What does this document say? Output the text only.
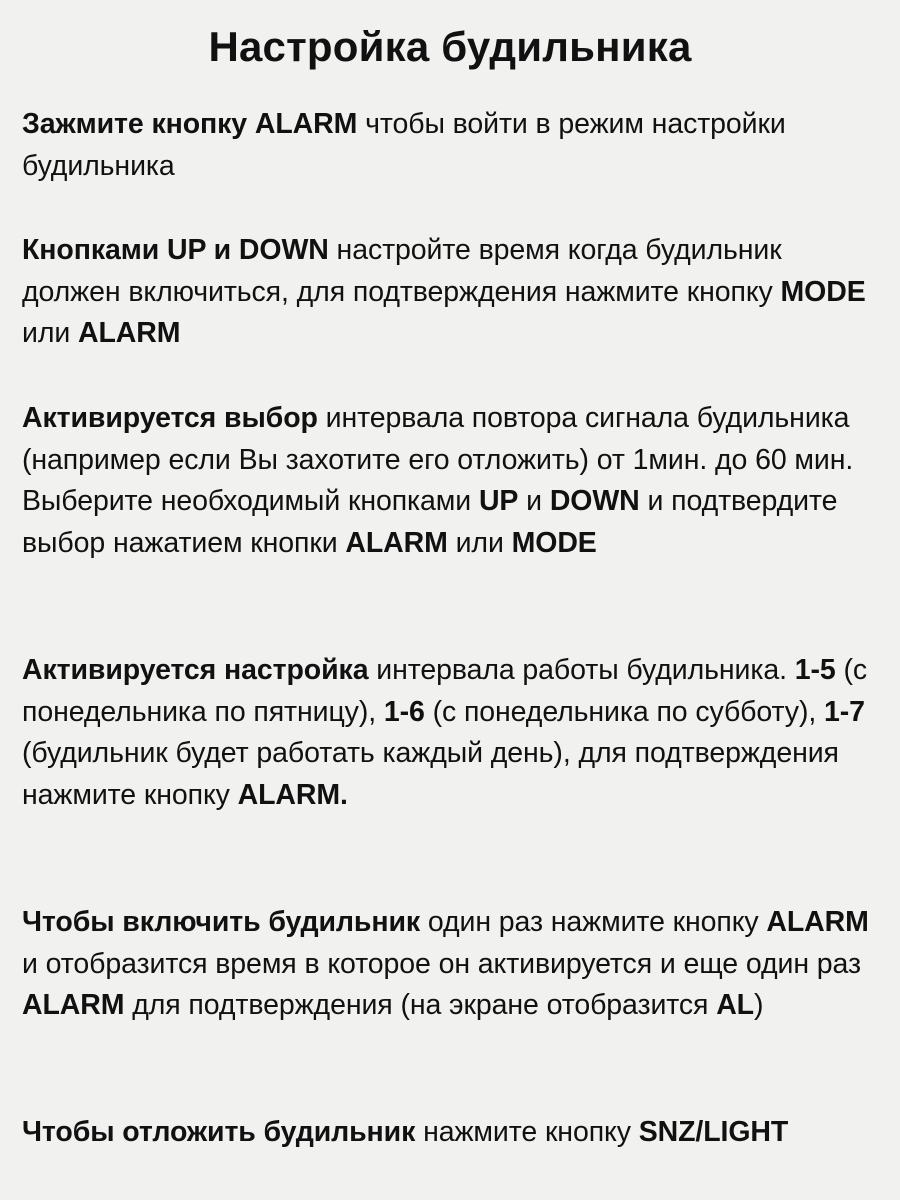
Настройка будильника

Зажмите кнопку ALARM чтобы войти в режим настройки будильника

Кнопками UP и DOWN настройте время когда будильник должен включиться, для подтверждения нажмите кнопку MODE или ALARM

Активируется выбор интервала повтора сигнала будильника (например если Вы захотите его отложить) от 1мин. до 60 мин. Выберите необходимый кнопками UP и DOWN и подтвердите выбор нажатием кнопки ALARM или MODE

Активируется настройка интервала работы будильника. 1-5 (с понедельника по пятницу), 1-6 (с понедельника по субботу), 1-7 (будильник будет работать каждый день), для подтверждения нажмите кнопку ALARM.

Чтобы включить будильник один раз нажмите кнопку ALARM и отобразится время в которое он активируется и еще один раз ALARM для подтверждения (на экране отобразится AL)

Чтобы отложить будильник нажмите кнопку SNZ/LIGHT
